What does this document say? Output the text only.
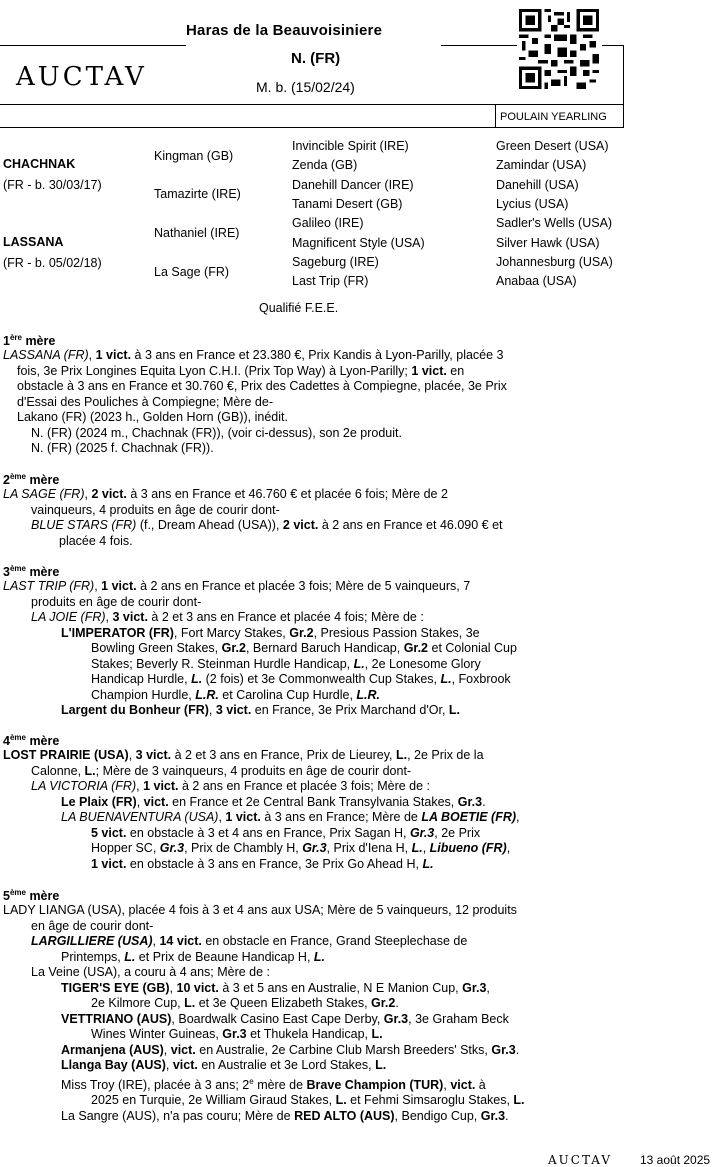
Haras de la Beauvoisiniere
AUCTAV
N. (FR)
M. b. (15/02/24)
POULAIN YEARLING
CHACHNAK
(FR - b. 30/03/17)
LASSANA
(FR - b. 05/02/18)
Kingman (GB)
Tamazirte (IRE)
Nathaniel (IRE)
La Sage (FR)
Invincible Spirit (IRE)
Zenda (GB)
Danehill Dancer (IRE)
Tanami Desert (GB)
Galileo (IRE)
Magnificent Style (USA)
Sageburg (IRE)
Last Trip (FR)
Green Desert (USA)
Zamindar (USA)
Danehill (USA)
Lycius (USA)
Sadler's Wells (USA)
Silver Hawk (USA)
Johannesburg (USA)
Anabaa (USA)
Qualifié F.E.E.
1ère mère
LASSANA (FR), 1 vict. à 3 ans en France et 23.380 €, Prix Kandis à Lyon-Parilly, placée 3
fois, 3e Prix Longines Equita Lyon C.H.I. (Prix Top Way) à Lyon-Parilly; 1 vict. en
obstacle à 3 ans en France et 30.760 €, Prix des Cadettes à Compiegne, placée, 3e Prix
d'Essai des Pouliches à Compiegne; Mère de-
Lakano (FR) (2023 h., Golden Horn (GB)), inédit.
N. (FR) (2024 m., Chachnak (FR)), (voir ci-dessus), son 2e produit.
N. (FR) (2025 f. Chachnak (FR)).
2ème mère
LA SAGE (FR), 2 vict. à 3 ans en France et 46.760 € et placée 6 fois; Mère de 2
vainqueurs, 4 produits en âge de courir dont-
BLUE STARS (FR) (f., Dream Ahead (USA)), 2 vict. à 2 ans en France et 46.090 € et
placée 4 fois.
3ème mère
LAST TRIP (FR), 1 vict. à 2 ans en France et placée 3 fois; Mère de 5 vainqueurs, 7
produits en âge de courir dont-
LA JOIE (FR), 3 vict. à 2 et 3 ans en France et placée 4 fois; Mère de :
L'IMPERATOR (FR), Fort Marcy Stakes, Gr.2, Presious Passion Stakes, 3e
Bowling Green Stakes, Gr.2, Bernard Baruch Handicap, Gr.2 et Colonial Cup
Stakes; Beverly R. Steinman Hurdle Handicap, L., 2e Lonesome Glory
Handicap Hurdle, L. (2 fois) et 3e Commonwealth Cup Stakes, L., Foxbrook
Champion Hurdle, L.R. et Carolina Cup Hurdle, L.R.
Largent du Bonheur (FR), 3 vict. en France, 3e Prix Marchand d'Or, L.
4ème mère
LOST PRAIRIE (USA), 3 vict. à 2 et 3 ans en France, Prix de Lieurey, L., 2e Prix de la
Calonne, L.; Mère de 3 vainqueurs, 4 produits en âge de courir dont-
LA VICTORIA (FR), 1 vict. à 2 ans en France et placée 3 fois; Mère de :
Le Plaix (FR), vict. en France et 2e Central Bank Transylvania Stakes, Gr.3.
LA BUENAVENTURA (USA), 1 vict. à 3 ans en France; Mère de LA BOETIE (FR),
5 vict. en obstacle à 3 et 4 ans en France, Prix Sagan H, Gr.3, 2e Prix
Hopper SC, Gr.3, Prix de Chambly H, Gr.3, Prix d'Iena H, L., Libueno (FR),
1 vict. en obstacle à 3 ans en France, 3e Prix Go Ahead H, L.
5ème mère
LADY LIANGA (USA), placée 4 fois à 3 et 4 ans aux USA; Mère de 5 vainqueurs, 12 produits
en âge de courir dont-
LARGILLIERE (USA), 14 vict. en obstacle en France, Grand Steeplechase de
Printemps, L. et Prix de Beaune Handicap H, L.
La Veine (USA), a couru à 4 ans; Mère de :
TIGER'S EYE (GB), 10 vict. à 3 et 5 ans en Australie, N E Manion Cup, Gr.3,
2e Kilmore Cup, L. et 3e Queen Elizabeth Stakes, Gr.2.
VETTRIANO (AUS), Boardwalk Casino East Cape Derby, Gr.3, 3e Graham Beck
Wines Winter Guineas, Gr.3 et Thukela Handicap, L.
Armanjena (AUS), vict. en Australie, 2e Carbine Club Marsh Breeders' Stks, Gr.3.
Llanga Bay (AUS), vict. en Australie et 3e Lord Stakes, L.
Miss Troy (IRE), placée à 3 ans; 2e mère de Brave Champion (TUR), vict. à
2025 en Turquie, 2e William Giraud Stakes, L. et Fehmi Simsaroglu Stakes, L.
La Sangre (AUS), n'a pas couru; Mère de RED ALTO (AUS), Bendigo Cup, Gr.3.
AUCTAV 13 août 2025
